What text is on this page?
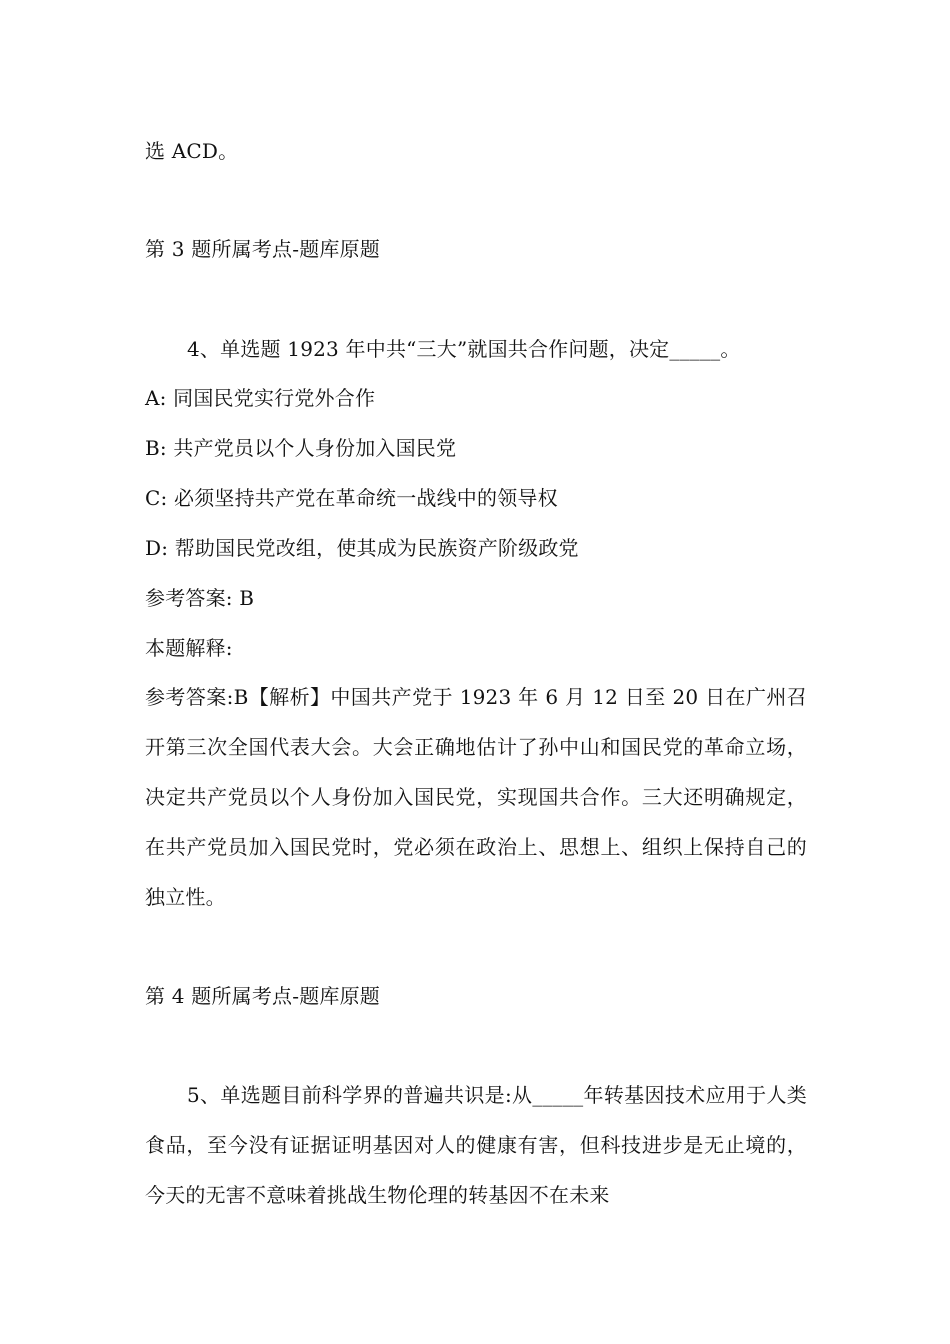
选 ACD。
第 3 题所属考点-题库原题
4、单选题 1923 年中共“三大”就国共合作问题，决定_____。
A: 同国民党实行党外合作
B: 共产党员以个人身份加入国民党
C: 必须坚持共产党在革命统一战线中的领导权
D: 帮助国民党改组，使其成为民族资产阶级政党
参考答案: B
本题解释:
参考答案:B【解析】中国共产党于 1923 年 6 月 12 日至 20 日在广州召开第三次全国代表大会。大会正确地估计了孙中山和国民党的革命立场，决定共产党员以个人身份加入国民党，实现国共合作。三大还明确规定，在共产党员加入国民党时，党必须在政治上、思想上、组织上保持自己的独立性。
第 4 题所属考点-题库原题
5、单选题目前科学界的普遍共识是:从_____年转基因技术应用于人类食品，至今没有证据证明基因对人的健康有害，但科技进步是无止境的，今天的无害不意味着挑战生物伦理的转基因不在未来
